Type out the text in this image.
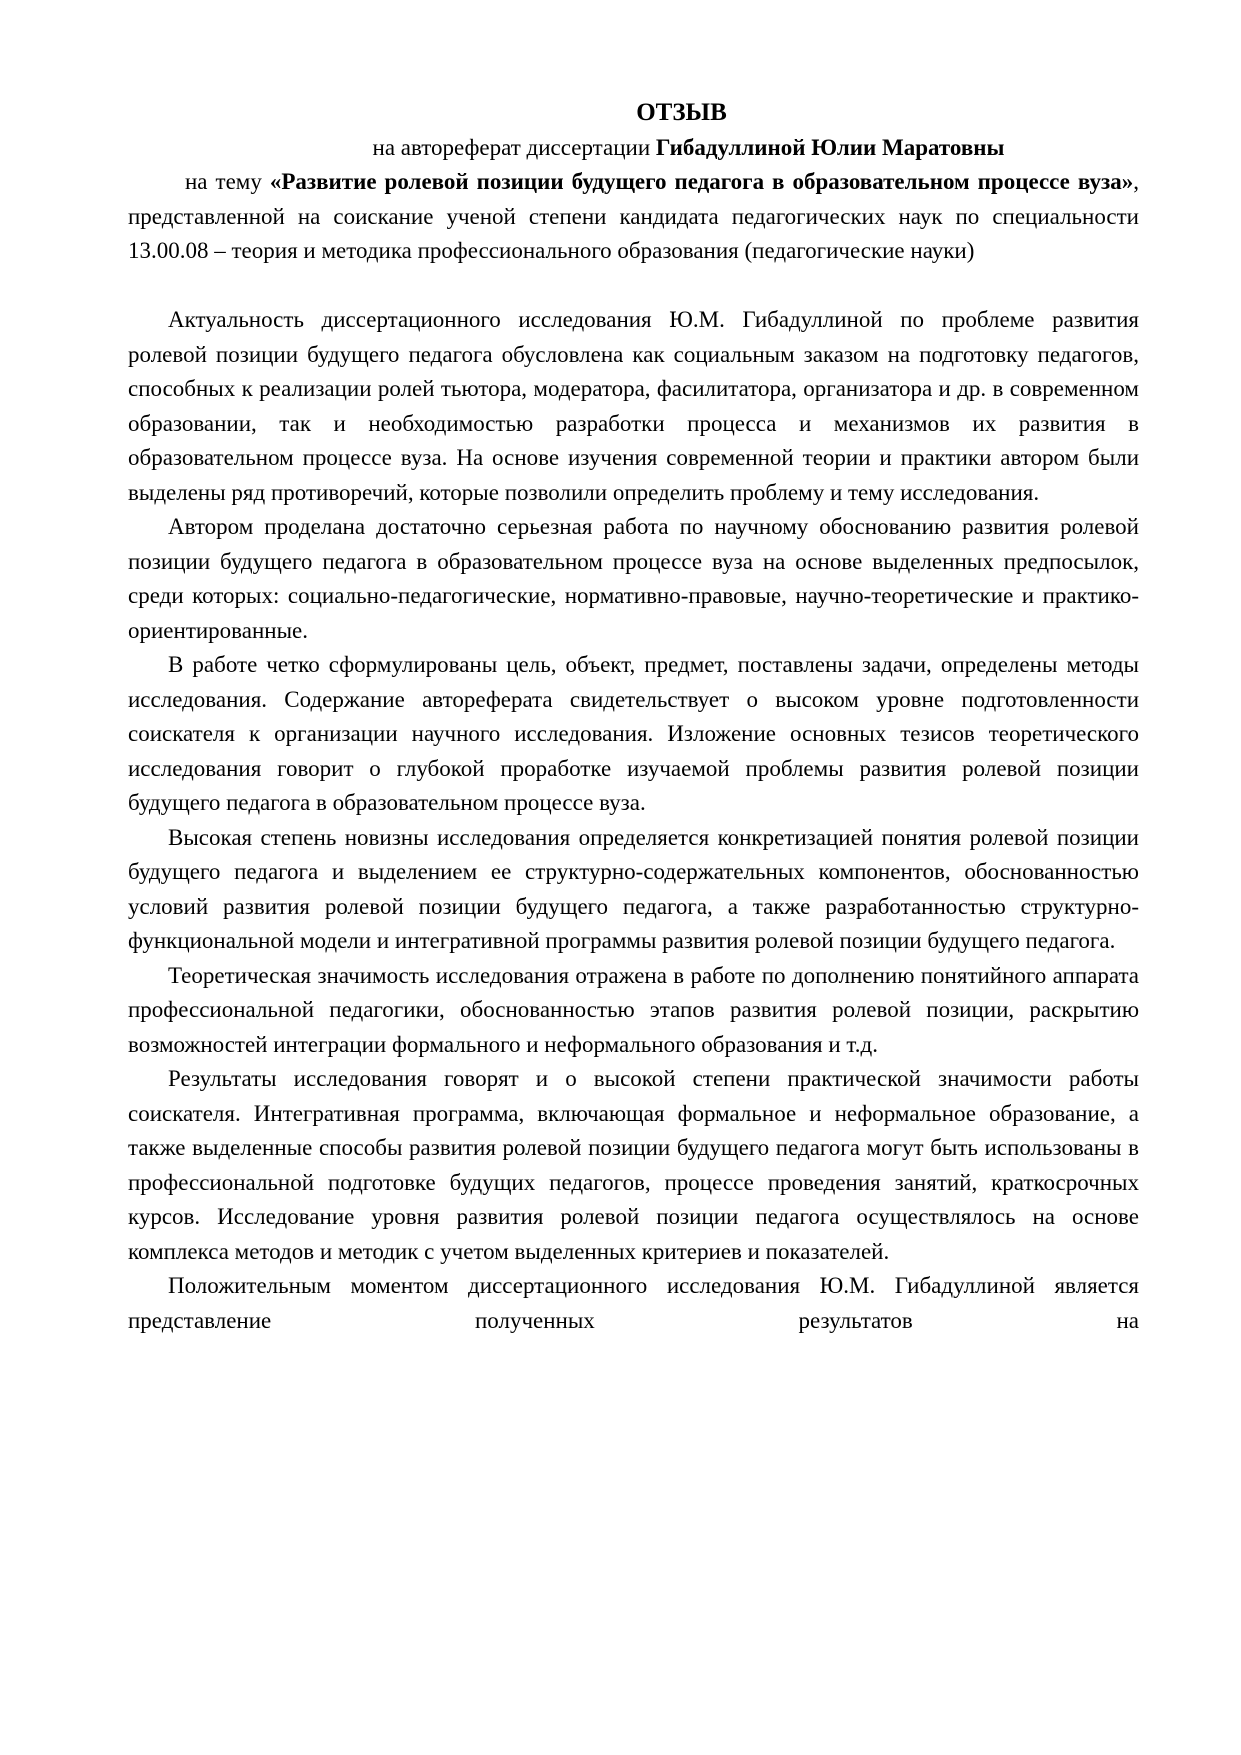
ОТЗЫВ

на автореферат диссертации Гибадуллиной Юлии Маратовны

на тему «Развитие ролевой позиции будущего педагога в образовательном процессе вуза», представленной на соискание ученой степени кандидата педагогических наук по специальности 13.00.08 – теория и методика профессионального образования (педагогические науки)

Актуальность диссертационного исследования Ю.М. Гибадуллиной по проблеме развития ролевой позиции будущего педагога обусловлена как социальным заказом на подготовку педагогов, способных к реализации ролей тьютора, модератора, фасилитатора, организатора и др. в современном образовании, так и необходимостью разработки процесса и механизмов их развития в образовательном процессе вуза. На основе изучения современной теории и практики автором были выделены ряд противоречий, которые позволили определить проблему и тему исследования.

Автором проделана достаточно серьезная работа по научному обоснованию развития ролевой позиции будущего педагога в образовательном процессе вуза на основе выделенных предпосылок, среди которых: социально-педагогические, нормативно-правовые, научно-теоретические и практико-ориентированные.

В работе четко сформулированы цель, объект, предмет, поставлены задачи, определены методы исследования. Содержание автореферата свидетельствует о высоком уровне подготовленности соискателя к организации научного исследования. Изложение основных тезисов теоретического исследования говорит о глубокой проработке изучаемой проблемы развития ролевой позиции будущего педагога в образовательном процессе вуза.

Высокая степень новизны исследования определяется конкретизацией понятия ролевой позиции будущего педагога и выделением ее структурно-содержательных компонентов, обоснованностью условий развития ролевой позиции будущего педагога, а также разработанностью структурно-функциональной модели и интегративной программы развития ролевой позиции будущего педагога.

Теоретическая значимость исследования отражена в работе по дополнению понятийного аппарата профессиональной педагогики, обоснованностью этапов развития ролевой позиции, раскрытию возможностей интеграции формального и неформального образования и т.д.

Результаты исследования говорят и о высокой степени практической значимости работы соискателя. Интегративная программа, включающая формальное и неформальное образование, а также выделенные способы развития ролевой позиции будущего педагога могут быть использованы в профессиональной подготовке будущих педагогов, процессе проведения занятий, краткосрочных курсов. Исследование уровня развития ролевой позиции педагога осуществлялось на основе комплекса методов и методик с учетом выделенных критериев и показателей.

Положительным моментом диссертационного исследования Ю.М. Гибадуллиной является представление полученных результатов на
